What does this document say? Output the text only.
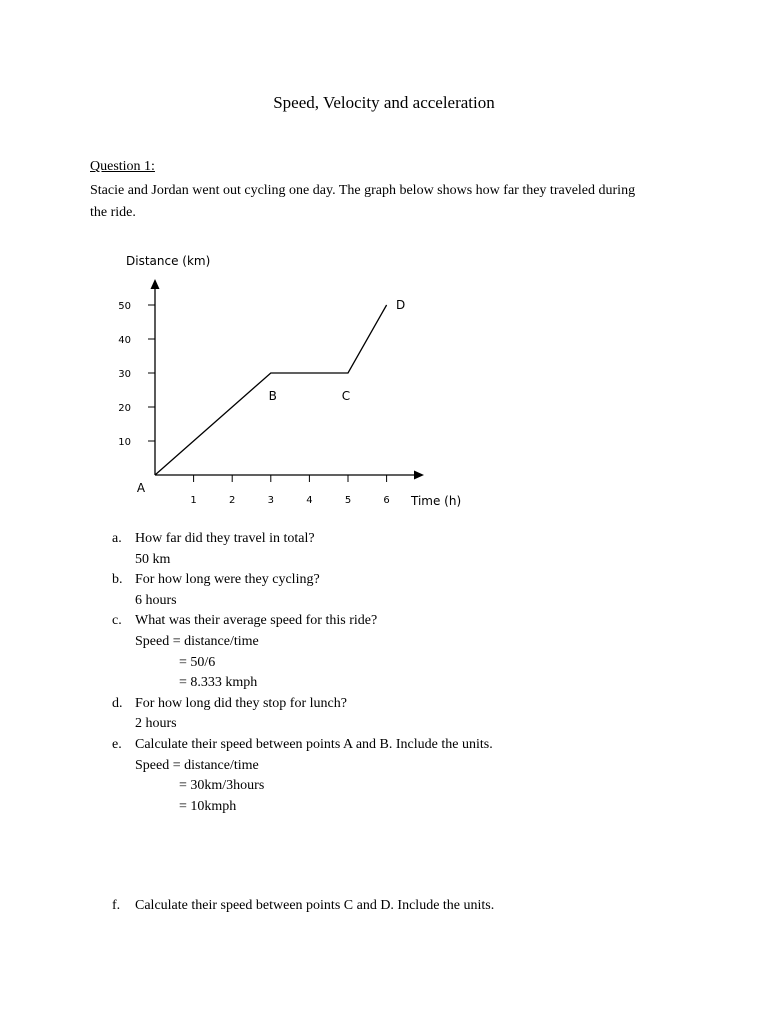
Speed, Velocity and acceleration
Question 1:
Stacie and Jordan went out cycling one day. The graph below shows how far they traveled during the ride.
Distance (km)
Time (h)
1	2	3	4	5	6
10
20
30
40
50
A
B	C
D
a. How far did they travel in total?
50 km
b. For how long were they cycling?
6 hours
c. What was their average speed for this ride?
Speed = distance/time
= 50/6
= 8.333 kmph
d. For how long did they stop for lunch?
2 hours
e. Calculate their speed between points A and B. Include the units.
Speed = distance/time
= 30km/3hours
= 10kmph
f.	Calculate their speed between points C and D. Include the units.
